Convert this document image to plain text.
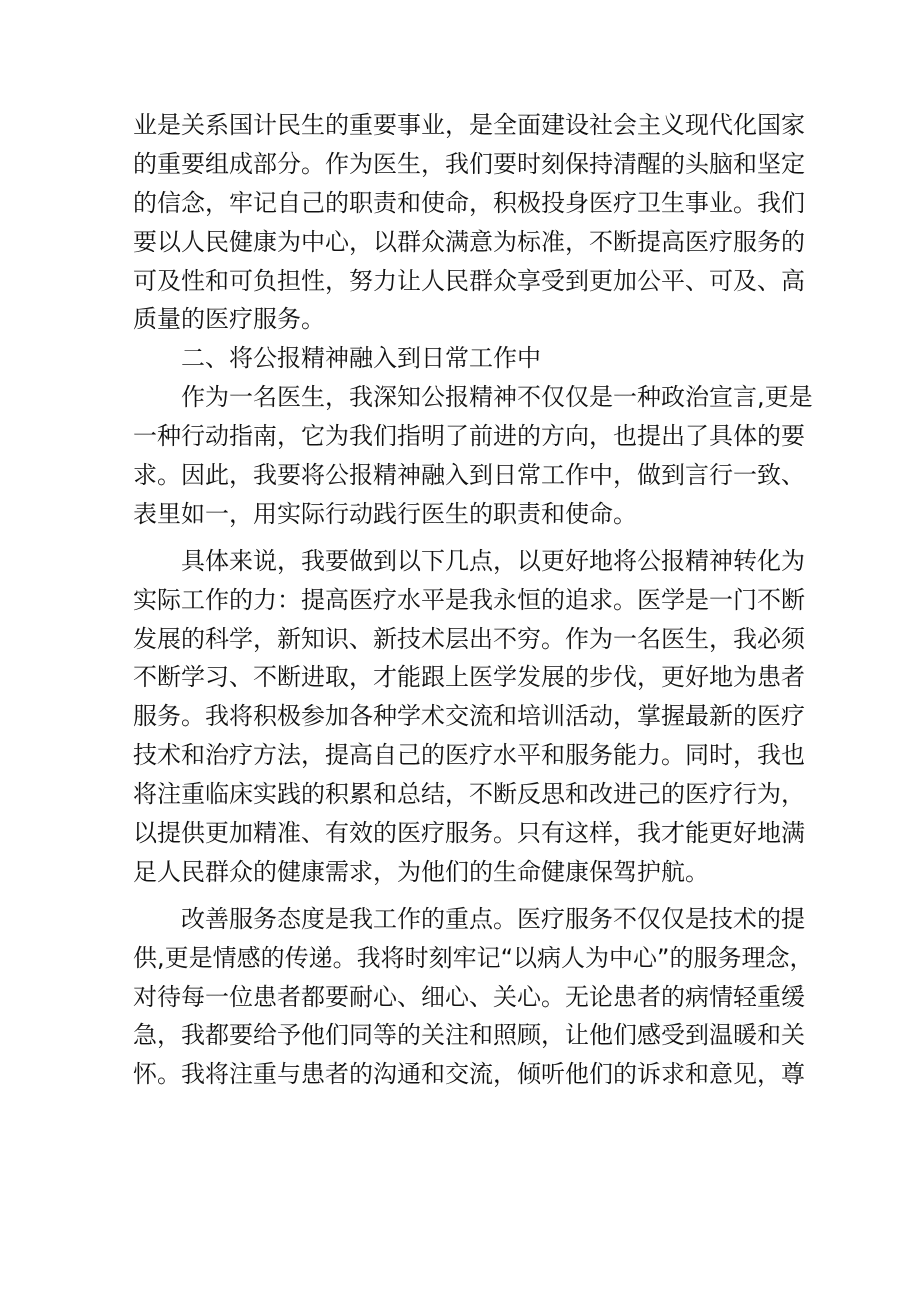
业是关系国计民生的重要事业，是全面建设社会主义现代化国家
的重要组成部分。作为医生，我们要时刻保持清醒的头脑和坚定
的信念，牢记自己的职责和使命，积极投身医疗卫生事业。我们
要以人民健康为中心，以群众满意为标准，不断提高医疗服务的
可及性和可负担性，努力让人民群众享受到更加公平、可及、高
质量的医疗服务。
二、将公报精神融入到日常工作中
作为一名医生，我深知公报精神不仅仅是一种政治宣言,更是
一种行动指南，它为我们指明了前进的方向，也提出了具体的要
求。因此，我要将公报精神融入到日常工作中，做到言行一致、
表里如一，用实际行动践行医生的职责和使命。
具体来说，我要做到以下几点，以更好地将公报精神转化为
实际工作的力：提高医疗水平是我永恒的追求。医学是一门不断
发展的科学，新知识、新技术层出不穷。作为一名医生，我必须
不断学习、不断进取，才能跟上医学发展的步伐，更好地为患者
服务。我将积极参加各种学术交流和培训活动，掌握最新的医疗
技术和治疗方法，提高自己的医疗水平和服务能力。同时，我也
将注重临床实践的积累和总结，不断反思和改进己的医疗行为，
以提供更加精准、有效的医疗服务。只有这样，我才能更好地满
足人民群众的健康需求，为他们的生命健康保驾护航。
改善服务态度是我工作的重点。医疗服务不仅仅是技术的提
供,更是情感的传递。我将时刻牢记“以病人为中心”的服务理念，
对待每一位患者都要耐心、细心、关心。无论患者的病情轻重缓
急，我都要给予他们同等的关注和照顾，让他们感受到温暖和关
怀。我将注重与患者的沟通和交流，倾听他们的诉求和意见，尊
